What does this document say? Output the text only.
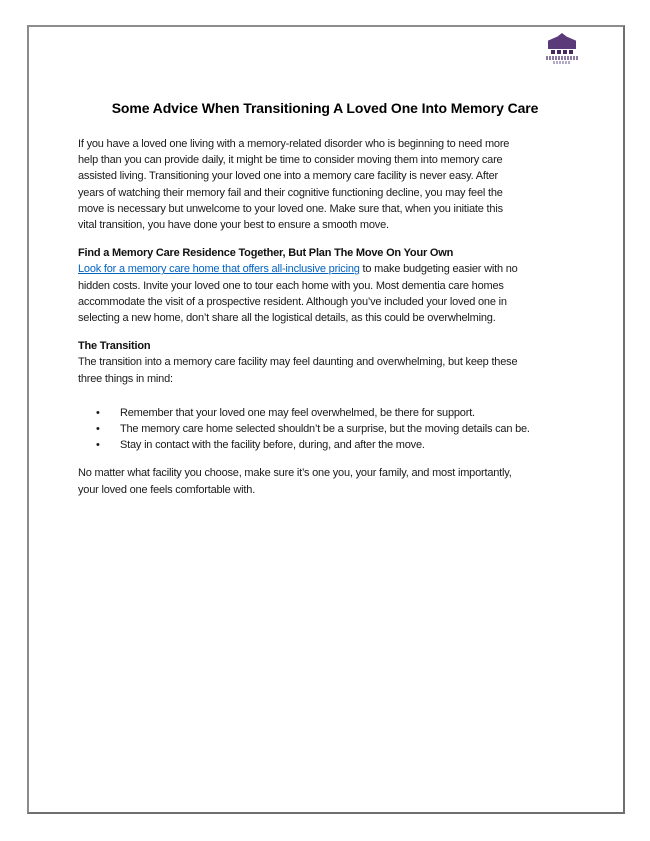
Some Advice When Transitioning A Loved One Into Memory Care
If you have a loved one living with a memory-related disorder who is beginning to need more
help than you can provide daily, it might be time to consider moving them into memory care
assisted living. Transitioning your loved one into a memory care facility is never easy. After
years of watching their memory fail and their cognitive functioning decline, you may feel the
move is necessary but unwelcome to your loved one. Make sure that, when you initiate this
vital transition, you have done your best to ensure a smooth move.
Find a Memory Care Residence Together, But Plan The Move On Your Own
Look for a memory care home that offers all-inclusive pricing to make budgeting easier with no
hidden costs. Invite your loved one to tour each home with you. Most dementia care homes
accommodate the visit of a prospective resident. Although you’ve included your loved one in
selecting a new home, don’t share all the logistical details, as this could be overwhelming.
The Transition
The transition into a memory care facility may feel daunting and overwhelming, but keep these
three things in mind:
•	Remember that your loved one may feel overwhelmed, be there for support.
•	The memory care home selected shouldn’t be a surprise, but the moving details can be.
•	Stay in contact with the facility before, during, and after the move.
No matter what facility you choose, make sure it’s one you, your family, and most importantly,
your loved one feels comfortable with.
